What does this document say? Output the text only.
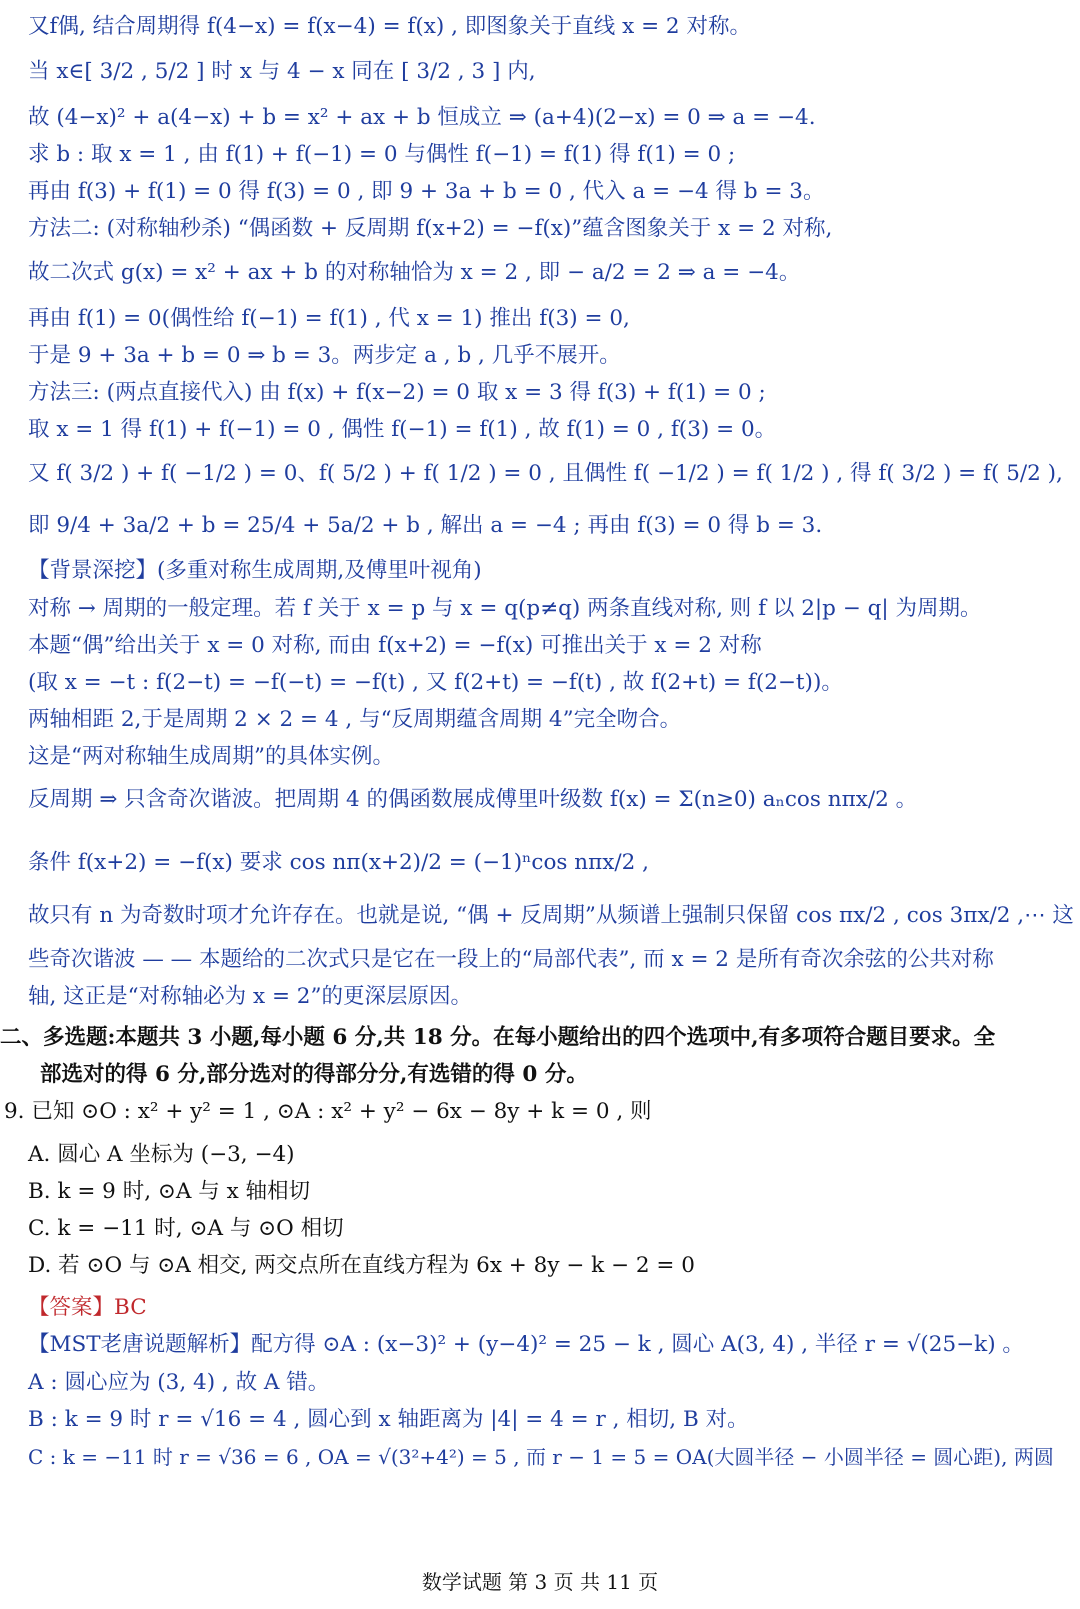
又f偶, 结合周期得 f(4−x) = f(x−4) = f(x) , 即图象关于直线 x = 2 对称。
当 x∈[ 3/2 , 5/2 ] 时 x 与 4 − x 同在 [ 3/2 , 3 ] 内,
故 (4−x)² + a(4−x) + b = x² + ax + b 恒成立 ⇒ (a+4)(2−x) = 0 ⇒ a = −4.
求 b : 取 x = 1 , 由 f(1) + f(−1) = 0 与偶性 f(−1) = f(1) 得 f(1) = 0 ;
再由 f(3) + f(1) = 0 得 f(3) = 0 , 即 9 + 3a + b = 0 , 代入 a = −4 得 b = 3。
方法二: (对称轴秒杀) “偶函数 + 反周期 f(x+2) = −f(x)”蕴含图象关于 x = 2 对称,
故二次式 g(x) = x² + ax + b 的对称轴恰为 x = 2 , 即 − a/2 = 2 ⇒ a = −4。
再由 f(1) = 0(偶性给 f(−1) = f(1) , 代 x = 1) 推出 f(3) = 0,
于是 9 + 3a + b = 0 ⇒ b = 3。两步定 a , b , 几乎不展开。
方法三: (两点直接代入) 由 f(x) + f(x−2) = 0 取 x = 3 得 f(3) + f(1) = 0 ;
取 x = 1 得 f(1) + f(−1) = 0 , 偶性 f(−1) = f(1) , 故 f(1) = 0 , f(3) = 0。
又 f( 3/2 ) + f( −1/2 ) = 0、f( 5/2 ) + f( 1/2 ) = 0 , 且偶性 f( −1/2 ) = f( 1/2 ) , 得 f( 3/2 ) = f( 5/2 ),
即 9/4 + 3a/2 + b = 25/4 + 5a/2 + b , 解出 a = −4 ; 再由 f(3) = 0 得 b = 3.
【背景深挖】(多重对称生成周期,及傅里叶视角)
对称 → 周期的一般定理。若 f 关于 x = p 与 x = q(p≠q) 两条直线对称, 则 f 以 2|p − q| 为周期。
本题“偶”给出关于 x = 0 对称, 而由 f(x+2) = −f(x) 可推出关于 x = 2 对称
(取 x = −t : f(2−t) = −f(−t) = −f(t) , 又 f(2+t) = −f(t) , 故 f(2+t) = f(2−t))。
两轴相距 2,于是周期 2 × 2 = 4 , 与“反周期蕴含周期 4”完全吻合。
这是“两对称轴生成周期”的具体实例。
反周期 ⇒ 只含奇次谐波。把周期 4 的偶函数展成傅里叶级数 f(x) = Σ(n≥0) aₙcos nπx/2 。
条件 f(x+2) = −f(x) 要求 cos nπ(x+2)/2 = (−1)ⁿcos nπx/2 ,
故只有 n 为奇数时项才允许存在。也就是说, “偶 + 反周期”从频谱上强制只保留 cos πx/2 , cos 3πx/2 ,⋯ 这
些奇次谐波 — — 本题给的二次式只是它在一段上的“局部代表”, 而 x = 2 是所有奇次余弦的公共对称
轴, 这正是“对称轴必为 x = 2”的更深层原因。
二、多选题:本题共 3 小题,每小题 6 分,共 18 分。在每小题给出的四个选项中,有多项符合题目要求。全
部选对的得 6 分,部分选对的得部分分,有选错的得 0 分。
9. 已知 ⊙O : x² + y² = 1 , ⊙A : x² + y² − 6x − 8y + k = 0 , 则
A. 圆心 A 坐标为 (−3, −4)
B. k = 9 时, ⊙A 与 x 轴相切
C. k = −11 时, ⊙A 与 ⊙O 相切
D. 若 ⊙O 与 ⊙A 相交, 两交点所在直线方程为 6x + 8y − k − 2 = 0
【答案】BC
【MST老唐说题解析】配方得 ⊙A : (x−3)² + (y−4)² = 25 − k , 圆心 A(3, 4) , 半径 r = √(25−k) 。
A : 圆心应为 (3, 4) , 故 A 错。
B : k = 9 时 r = √16 = 4 , 圆心到 x 轴距离为 |4| = 4 = r , 相切, B 对。
C : k = −11 时 r = √36 = 6 , OA = √(3²+4²) = 5 , 而 r − 1 = 5 = OA(大圆半径 − 小圆半径 = 圆心距), 两圆
数学试题 第 3 页 共 11 页
